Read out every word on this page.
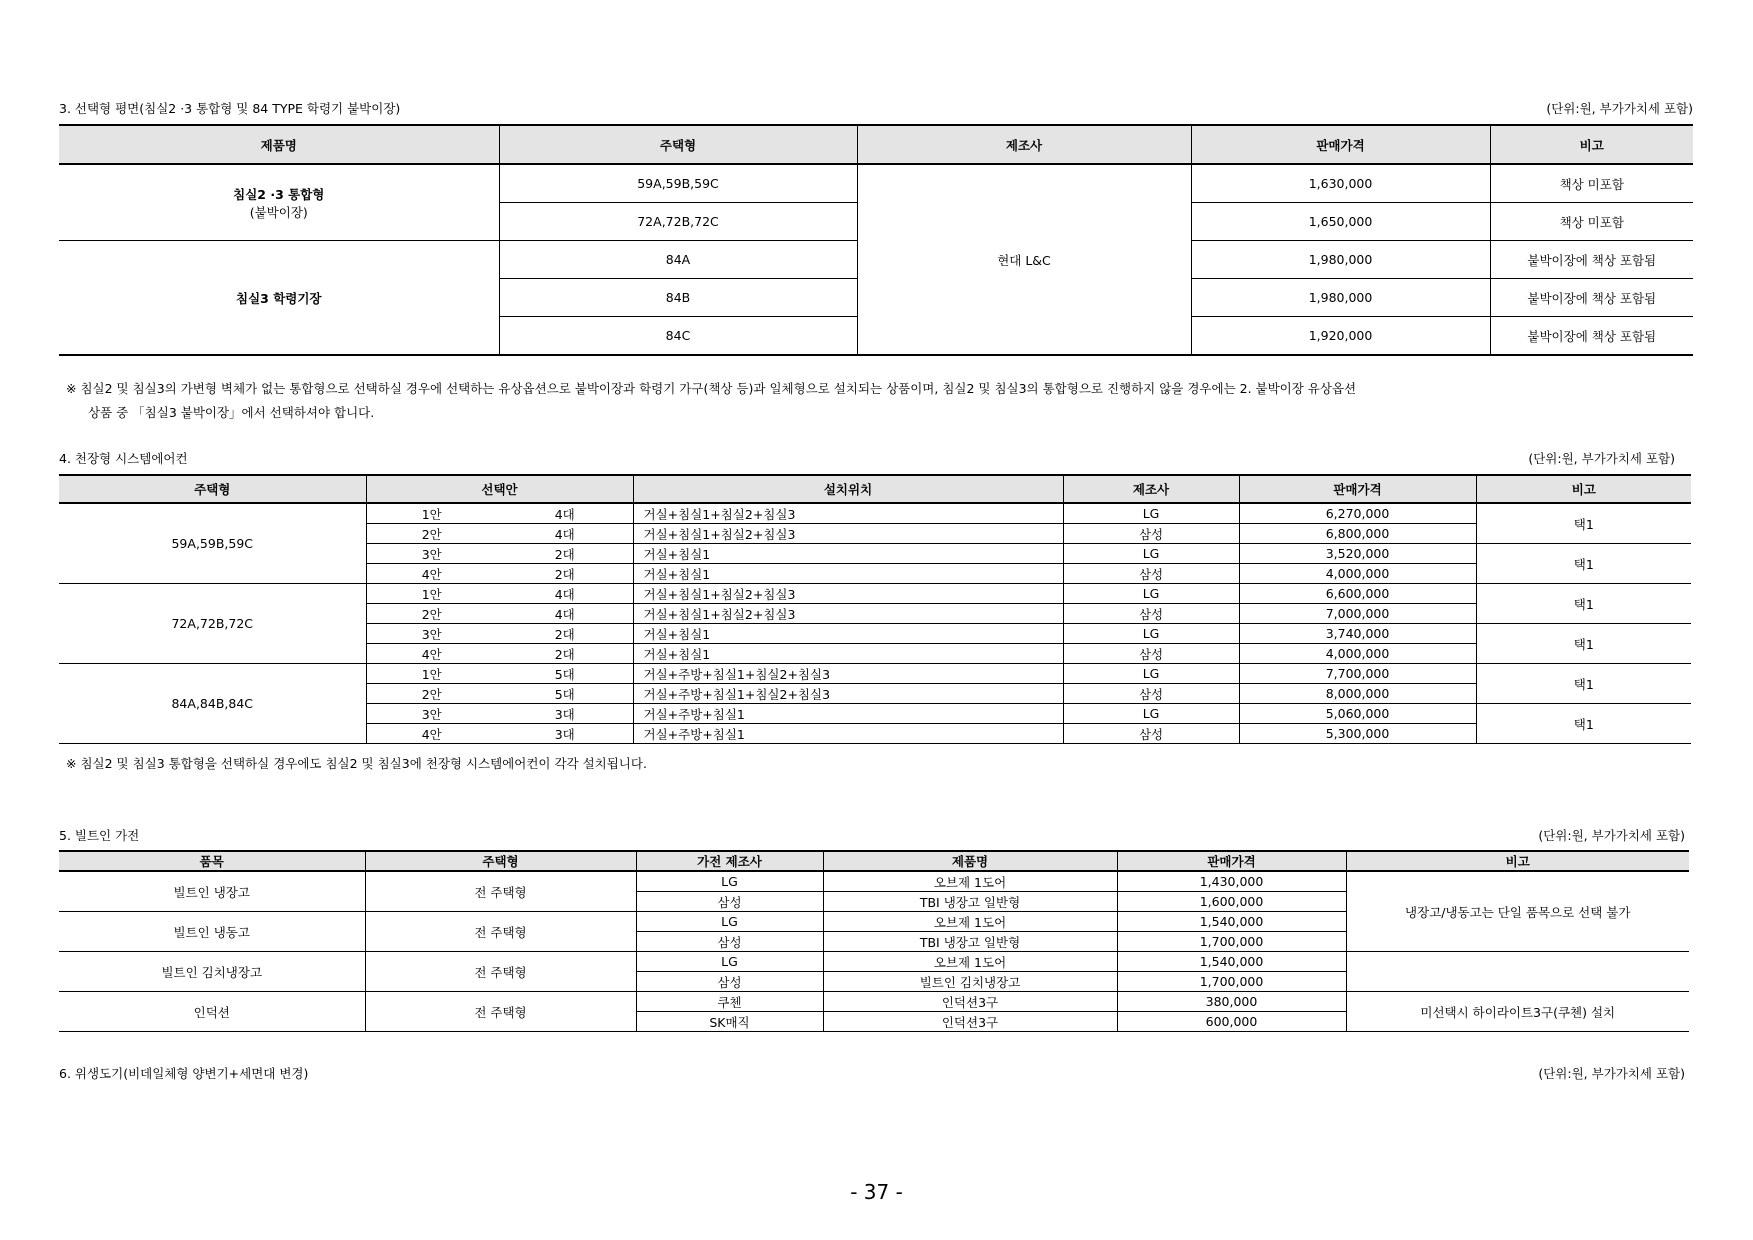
3. 선택형 평면(침실2 ·3 통합형 및 84 TYPE 학령기 붙박이장)	(단위:원, 부가가치세 포함)
제품명	주택형	제조사	판매가격	비고

침실2 ·3 통합형
(붙박이장)	59A,59B,59C	현대 L&C	1,630,000	책상 미포함
	72A,72B,72C		1,650,000	책상 미포함
침실3 학령기장	84A		1,980,000	붙박이장에 책상 포함됨
	84B		1,980,000	붙박이장에 책상 포함됨
	84C		1,920,000	붙박이장에 책상 포함됨
※ 침실2 및 침실3의 가변형 벽체가 없는 통합형으로 선택하실 경우에 선택하는 유상옵션으로 붙박이장과 학령기 가구(책상 등)과 일체형으로 설치되는 상품이며, 침실2 및 침실3의 통합형으로 진행하지 않을 경우에는 2. 붙박이장 유상옵션
상품 중 「침실3 붙박이장」에서 선택하셔야 합니다.
4. 천장형 시스템에어컨	(단위:원, 부가가치세 포함)
주택형	선택안		설치위치	제조사	판매가격	비고
59A,59B,59C	1안	4대	거실+침실1+침실2+침실3	LG	6,270,000	택1
	2안	4대	거실+침실1+침실2+침실3	삼성	6,800,000	
	3안	2대	거실+침실1	LG	3,520,000	택1
	4안	2대	거실+침실1	삼성	4,000,000	
72A,72B,72C	1안	4대	거실+침실1+침실2+침실3	LG	6,600,000	택1
	2안	4대	거실+침실1+침실2+침실3	삼성	7,000,000	
	3안	2대	거실+침실1	LG	3,740,000	택1
	4안	2대	거실+침실1	삼성	4,000,000	
84A,84B,84C	1안	5대	거실+주방+침실1+침실2+침실3	LG	7,700,000	택1
	2안	5대	거실+주방+침실1+침실2+침실3	삼성	8,000,000	
	3안	3대	거실+주방+침실1	LG	5,060,000	택1
	4안	3대	거실+주방+침실1	삼성	5,300,000	
※ 침실2 및 침실3 통합형을 선택하실 경우에도 침실2 및 침실3에 천장형 시스템에어컨이 각각 설치됩니다.
5. 빌트인 가전	(단위:원, 부가가치세 포함)
품목	주택형	가전 제조사	제품명	판매가격	비고
빌트인 냉장고	전 주택형	LG	오브제 1도어	1,430,000	냉장고/냉동고는 단일 품목으로 선택 불가
		삼성	TBI 냉장고 일반형	1,600,000	
빌트인 냉동고	전 주택형	LG	오브제 1도어	1,540,000	
		삼성	TBI 냉장고 일반형	1,700,000	
빌트인 김치냉장고	전 주택형	LG	오브제 1도어	1,540,000	
		삼성	빌트인 김치냉장고	1,700,000	
인덕션	전 주택형	쿠첸	인덕션3구	380,000	미선택시 하이라이트3구(쿠첸) 설치
		SK매직	인덕션3구	600,000	
6. 위생도기(비데일체형 양변기+세면대 변경)	(단위:원, 부가가치세 포함)
- 37 -
